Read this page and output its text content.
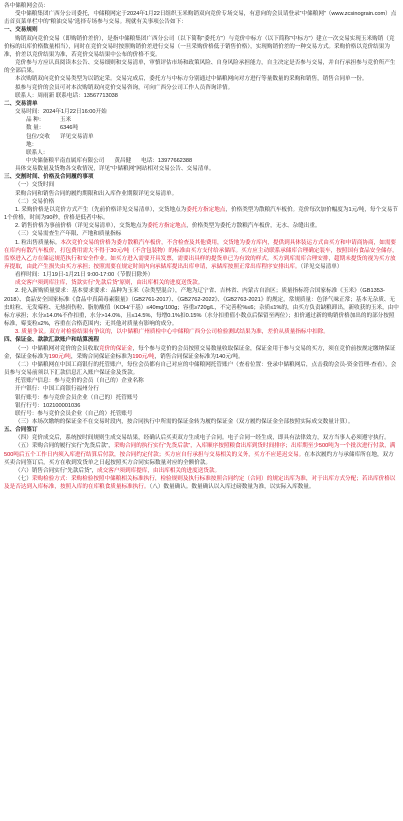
各中储粮网会员：

受中储粮集团广西分公司委托，中储粮网定于2024年1月22日组织玉米购销双向竞价专场交易，有意向的会员请登录“中储粮网”（www.zcsinograin.com）点击首页菜单栏中的“粮油交易”选择专场参与交易。现就有关事项公告如下：

一、交易规则

购销双向竞价交易（即购销价差价），是指中储粮集团广西分公司（以下简称“委托方”）与竞价中标方（以下简称“中标方”）建立一次交易实现玉米购销（竞价标的出库价格数量相当），同时在竞价交易时按照购销价差进行交易（一旦采购价格低于销售价格），实现购销价差的一种交易方式。采购价格以竞价结果为准，价差以竞价结果为准，若竞价交易结果中公布的价格不变。

竞价参与方应认真阅读本公告、交易细则和交易清单，审慎评估市场和政策风险、自身风险承担能力，自主决定是否参与交易，并自行承担参与竞价所产生的全部后果。

本次购销双向竞价交易类型为以销定采。交易完成后，委托方与中标方分别通过中储粮网向对方进行等量数量的采购和销售，销售合同单一份。

拟参与竞价的会员可对本次购销双向竞价交易咨询，可向广西分公司工作人员咨询详情。

联系人：周雨新 联系电话：13567713038

二、交易清单

交易时间：2024年1月22日16:00开始

品 种：	玉米
数 量：	6346吨
包位/交收地：
详见交易清单
联系人：
中央储备粮平南直属库有限公司 黄昌健 电话：13977662388

具体交易数量及货物各交收情况，详见“中储粮网”网站相对交易公告、交易清单。

三、交割时间、价格及合同履约事项

（一）交货时间

采购合同和销售合同的履约期限和出入库作业期限详见交易清单。

（二）交易价格

1. 采购价格是以竞价方式产生（先前价格详见交易清单），交货地点为委托方指定地点，价格类型为散粮汽车板价。竞价每次加价幅度为1元/吨，每个交易节1个价格，时间为90秒，价格是低者中标。

2. 销售价格为事前价格（详见交易清单），交货地点为委托方指定地点，价格类型为委托方散粮汽车板价，无水、杂缝出重。

（三）交易需查生产年限、产地和质量指标

1. 粒出售质量标。本次竞价交易的价格为委方散粮汽车板价，不含检查及其他费用，交货地为委方库内，提供到具体装运方式由买方和申请商协商，如需要在库内有散汽车板价，打包费用需大不得于30元/吨（不含包装物）的标准由买方支付给承储库。买方应主动联系承储库合理确定装车，按照国有食品安全储存，监察进入乙方在储运规范执行和安全作业。如买方进入需要开具发票，需要出具样的提货单已为有效的样式。买方到库需库合理安排，超期未提货的视为买方放弃提取，由此产生损失由买方承担；按照需要在规定时间内向承储库提出出库申请，承储库按照正常出库程序安排出库。（详见交易清单）

看样时间：1月19日-1月21日 9:00-17:00（节假日除外）

成交客户须到库注库，货款实行“先款后货”原则，由出库相关的进度送货款。

2. 轮入新购质量要求：基本要求要求：品种为玉米（杂类型混合），产地为辽宁省、吉林省、内蒙古自治区；质量指标符合国家标准《玉米》（GB1353-2018）、食品安全国家标准《食品中真菌毒素限量》（GB2761-2017）、《GB2762-2022》、《GB2763-2021》的规定，常规质量：色泽气味正常；基本无杂质、无虫蛀粒、无发霉粒、无热损伤粒、脂肪酸值（KOH/干基）≤40mg/100g；容重≥720g/L，不完善粒%≤6；杂质≤1%的，由买方负责缺粮卸出，新收获的玉米，由中标方承担；水分≥14.0%不作扣重，水分>14.0%，且≤14.5%，每增0.1%扣0.15%（水分扣重值小数点后保留至两位）；扣价通过新的购销价格加出的的部分按照标准，霉变粒≤2%，容重在合格范围内；无其他对质量有影响的成分。

3. 质量争议。双方对检验结果有争议的，以中储粮广州质检中心中储粮广西分公司检验测试结果为准，差价从质量指标中扣除。

四、保证金、款款汇款账户和结算流程

（一）中储粮网对竞价的会员收取竞价的保证金，每个参与竞价的会员按照交易数量收取保证金，保证金用于参与交易的买方，须在竞价前按规定缴纳保证金，保证金标准为190元/吨，采购合同保证金标准为190元/吨，销售合同保证金标准为140元/吨。

（二）中储粮网在中国工商银行的托管账户，每位会员都有自己对应的中储粮网托管账户（查看位置：登录中储粮网后，点击我的会员-资金管理-查看），会员参与交易前须以下汇款信息汇入账户保证金及货款。

托管账户信息：参与竞价的会员（自己的）企业名称

开户银行：中国工商银行福州分行

银行账号：参与竞价会员企业（自己的）托管账号

银行行号：102100001036

联行号：参与竞价会员企业（自己的）托管账号

（三）本场次缴纳的保证金不在交易时段内，按合同执行中所需的保证金转为履约保证金（双方履约保证金全部按照实际成交数量计算）。

五、合同签订

（四）竞价成交后，系统按时间规则生成交易结果，经确认后买卖双方生成电子合同。电子合同一经生成，即具有法律效力，双方当事人必须遵守执行。

（五）采购合同的履行实行“先货后款”，采购合同的执行实行“先货后款”，入库顺序按照粮食出库到货时间排序；出库期至少500吨为一个批次进行付款，满500吨后五个工作日内须入库进行结算后付款，按合同约定付款；买方应自行承担与交易相关的义务，买方不应延迟交易。在本次履约方与承储库所在地，双方买卖合同签订后，买方在收到发货单之日起按照买方合同实际数量对应的全额价款。

（六）销售合同实行“先款后货”，成交客户须到库提库，由出库相关的进度送货款。

（七）采购检验方式：采购检验按照中储粮相关标准执行，检验规则及执行标准按照合同约定（合同）的规定出库为准，对于出库方式分配；若出库价格以及是否达到入库标准，按照入库的在库粮食质量标准执行。（八）数量确认。数量确认以入库过磅数量为准，以实际入库数量。
